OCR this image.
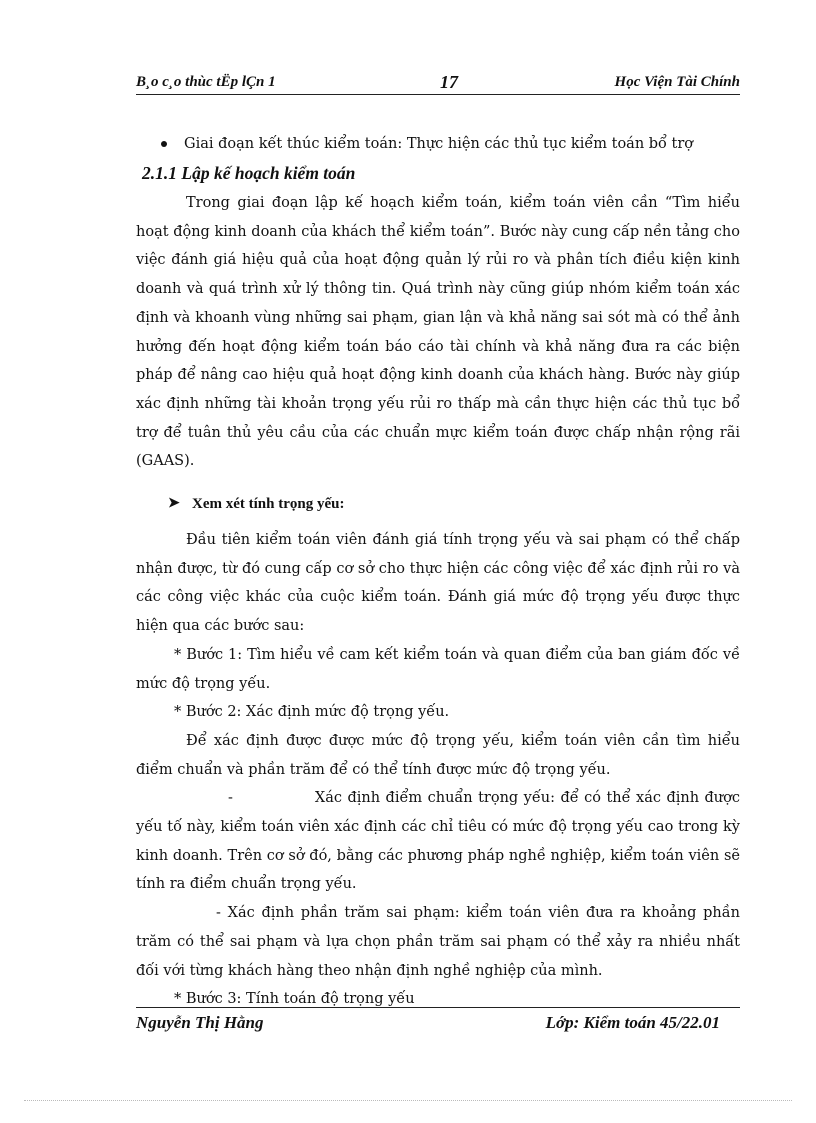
B¸o c¸o thùc tËp lÇn 1	17	Học Viện Tài Chính
Giai đoạn kết thúc kiểm toán: Thực hiện các thủ tục kiểm toán bổ trợ
2.1.1 Lập kế hoạch kiểm toán

Trong giai đoạn lập kế hoạch kiểm toán, kiểm toán viên cần “Tìm hiểu hoạt động kinh doanh của khách thể kiểm toán”. Bước này cung cấp nền tảng cho việc đánh giá hiệu quả của hoạt động quản lý rủi ro và phân tích điều kiện kinh doanh và quá trình xử lý thông tin. Quá trình này cũng giúp nhóm kiểm toán xác định và khoanh vùng những sai phạm, gian lận và khả năng sai sót mà có thể ảnh hưởng đến hoạt động kiểm toán báo cáo tài chính và khả năng đưa ra các biện pháp để nâng cao hiệu quả hoạt động kinh doanh của khách hàng. Bước này giúp xác định những tài khoản trọng yếu rủi ro thấp mà cần thực hiện các thủ tục bổ trợ để tuân thủ yêu cầu của các chuẩn mực kiểm toán được chấp nhận rộng rãi (GAAS).

➤ Xem xét tính trọng yếu:

Đầu tiên kiểm toán viên đánh giá tính trọng yếu và sai phạm có thể chấp nhận được, từ đó cung cấp cơ sở cho thực hiện các công việc để xác định rủi ro và các công việc khác của cuộc kiểm toán. Đánh giá mức độ trọng yếu được thực hiện qua các bước sau:

* Bước 1: Tìm hiểu về cam kết kiểm toán và quan điểm của ban giám đốc về mức độ trọng yếu.

* Bước 2: Xác định mức độ trọng yếu.

Để xác định được được mức độ trọng yếu, kiểm toán viên cần tìm hiểu điểm chuẩn và phần trăm để có thể tính được mức độ trọng yếu.

-               Xác định điểm chuẩn trọng yếu: để có thể xác định được yếu tố này, kiểm toán viên xác định các chỉ tiêu có mức độ trọng yếu cao trong kỳ kinh doanh. Trên cơ sở đó, bằng các phương pháp nghề nghiệp, kiểm toán viên sẽ tính ra điểm chuẩn trọng yếu.

- Xác định phần trăm sai phạm: kiểm toán viên đưa ra khoảng phần trăm có thể sai phạm và lựa chọn phần trăm sai phạm có thể xảy ra nhiều nhất đối với từng khách hàng theo nhận định nghề nghiệp của mình.

* Bước 3: Tính toán độ trọng yếu

Nguyễn Thị Hằng	Lớp: Kiểm toán 45/22.01
